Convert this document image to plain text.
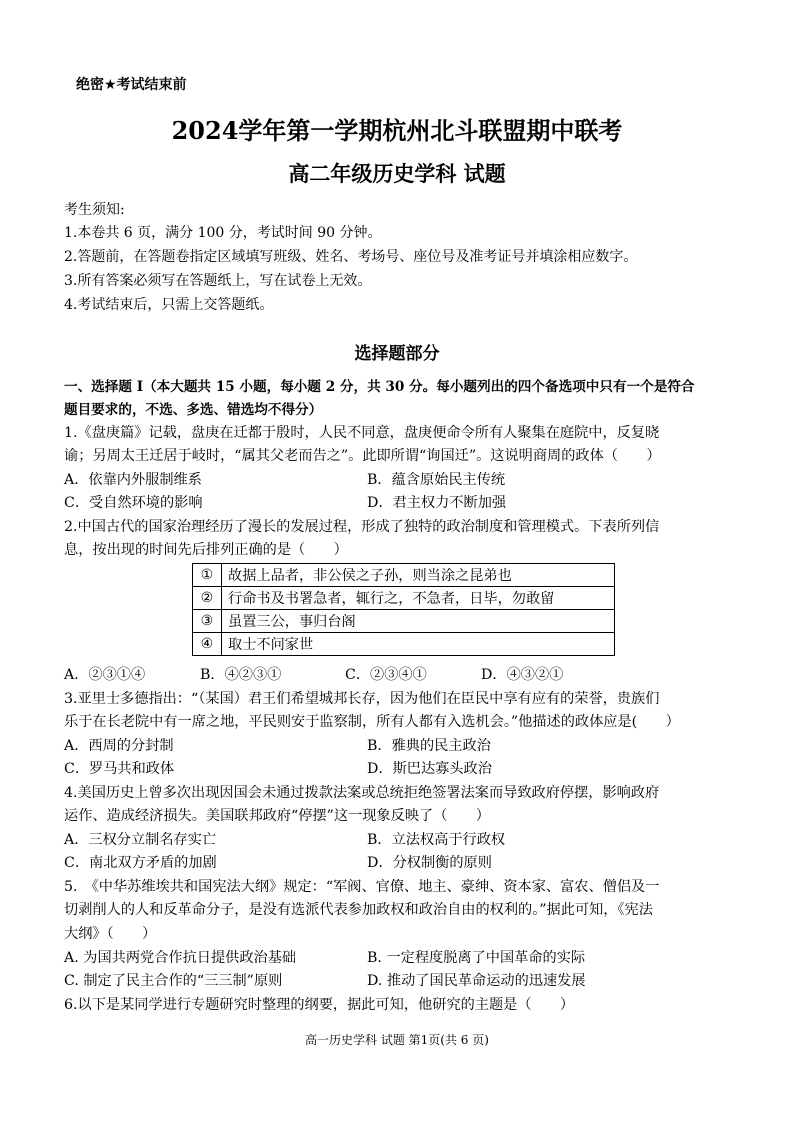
绝密★考试结束前
2024学年第一学期杭州北斗联盟期中联考
高二年级历史学科 试题
考生须知:
1.本卷共 6 页，满分 100 分，考试时间 90 分钟。
2.答题前，在答题卷指定区域填写班级、姓名、考场号、座位号及准考证号并填涂相应数字。
3.所有答案必须写在答题纸上，写在试卷上无效。
4.考试结束后，只需上交答题纸。
选择题部分
一、选择题 I（本大题共 15 小题，每小题 2 分，共 30 分。每小题列出的四个备选项中只有一个是符合
题目要求的，不选、多选、错选均不得分）
1.《盘庚篇》记载，盘庚在迁都于殷时，人民不同意，盘庚便命令所有人聚集在庭院中，反复晓
谕；另周太王迁居于岐时，“属其父老而告之”。此即所谓“询国迁”。这说明商周的政体（　　）
A．依靠内外服制维系	B．蕴含原始民主传统
C．受自然环境的影响	D．君主权力不断加强
2.中国古代的国家治理经历了漫长的发展过程，形成了独特的政治制度和管理模式。下表所列信
息，按出现的时间先后排列正确的是（　　）
①	故据上品者，非公侯之子孙，则当涂之昆弟也
②	行命书及书署急者，辄行之，不急者，日毕，勿敢留
③	虽置三公，事归台阁
④	取士不问家世
A．②③①④	B．④②③①	C．②③④①	D．④③②①
3.亚里士多德指出：“（某国）君王们希望城邦长存，因为他们在臣民中享有应有的荣誉，贵族们
乐于在长老院中有一席之地，平民则安于监察制，所有人都有入选机会。”他描述的政体应是(　　）
A．西周的分封制	B．雅典的民主政治
C．罗马共和政体	D．斯巴达寡头政治
4.美国历史上曾多次出现因国会未通过拨款法案或总统拒绝签署法案而导致政府停摆，影响政府
运作、造成经济损失。美国联邦政府“停摆”这一现象反映了（　　）
A．三权分立制名存实亡	B．立法权高于行政权
C．南北双方矛盾的加剧	D．分权制衡的原则
5.　《中华苏维埃共和国宪法大纲》规定：“军阀、官僚、地主、豪绅、资本家、富农、僧侣及一
切剥削人的人和反革命分子，是没有选派代表参加政权和政治自由的权利的。”据此可知，《宪法
大纲》（　　）
A. 为国共两党合作抗日提供政治基础	B. 一定程度脱离了中国革命的实际
C. 制定了民主合作的“三三制”原则	D. 推动了国民革命运动的迅速发展
6.以下是某同学进行专题研究时整理的纲要，据此可知，他研究的主题是（　　）
高一历史学科 试题 第1页(共 6 页)
